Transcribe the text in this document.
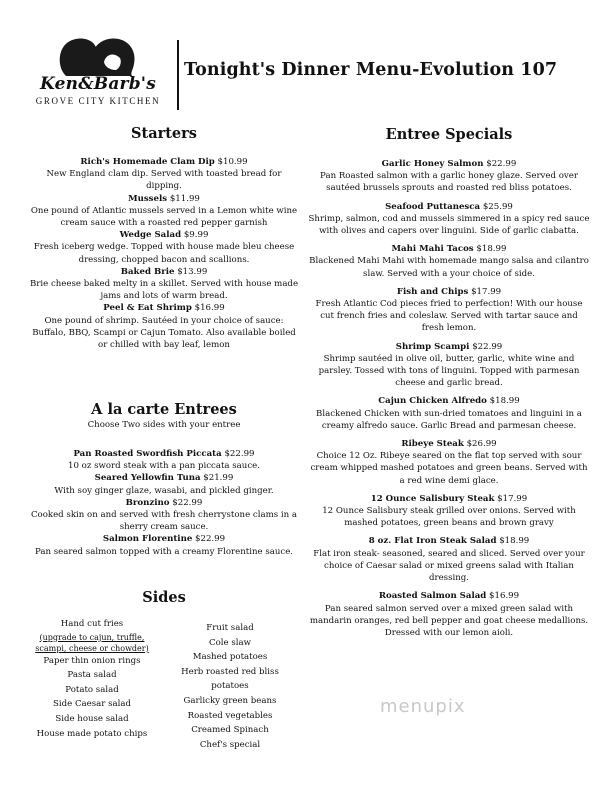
Ken&Barb's
GROVE CITY KITCHEN
Tonight's Dinner Menu-Evolution 107
Starters
Rich's Homemade Clam Dip $10.99
New England clam dip. Served with toasted bread for dipping.
Mussels $11.99
One pound of Atlantic mussels served in a Lemon white wine cream sauce with a roasted red pepper garnish
Wedge Salad $9.99
Fresh iceberg wedge. Topped with house made bleu cheese dressing, chopped bacon and scallions.
Baked Brie $13.99
Brie cheese baked melty in a skillet. Served with house made jams and lots of warm bread.
Peel & Eat Shrimp $16.99
One pound of shrimp. Sautéed in your choice of sauce: Buffalo, BBQ, Scampi or Cajun Tomato. Also available boiled or chilled with bay leaf, lemon
A la carte Entrees
Choose Two sides with your entree
Pan Roasted Swordfish Piccata $22.99
10 oz sword steak with a pan piccata sauce.
Seared Yellowfin Tuna $21.99
With soy ginger glaze, wasabi, and pickled ginger.
Bronzino $22.99
Cooked skin on and served with fresh cherrystone clams in a sherry cream sauce.
Salmon Florentine $22.99
Pan seared salmon topped with a creamy Florentine sauce.
Sides
Hand cut fries
(upgrade to cajun, truffle, scampi, cheese or chowder)
Paper thin onion rings
Pasta salad
Potato salad
Side Caesar salad
Side house salad
House made potato chips
Fruit salad
Cole slaw
Mashed potatoes
Herb roasted red bliss potatoes
Garlicky green beans
Roasted vegetables
Creamed Spinach
Chef's special
Entree Specials
Garlic Honey Salmon $22.99
Pan Roasted salmon with a garlic honey glaze. Served over sautéed brussels sprouts and roasted red bliss potatoes.
Seafood Puttanesca $25.99
Shrimp, salmon, cod and mussels simmered in a spicy red sauce with olives and capers over linguini. Side of garlic ciabatta.
Mahi Mahi Tacos $18.99
Blackened Mahi Mahi with homemade mango salsa and cilantro slaw. Served with a your choice of side.
Fish and Chips $17.99
Fresh Atlantic Cod pieces fried to perfection! With our house cut french fries and coleslaw. Served with tartar sauce and fresh lemon.
Shrimp Scampi $22.99
Shrimp sautéed in olive oil, butter, garlic, white wine and parsley. Tossed with tons of linguini. Topped with parmesan cheese and garlic bread.
Cajun Chicken Alfredo $18.99
Blackened Chicken with sun-dried tomatoes and linguini in a creamy alfredo sauce. Garlic Bread and parmesan cheese.
Ribeye Steak $26.99
Choice 12 Oz. Ribeye seared on the flat top served with sour cream whipped mashed potatoes and green beans. Served with a red wine demi glace.
12 Ounce Salisbury Steak $17.99
12 Ounce Salisbury steak grilled over onions. Served with mashed potatoes, green beans and brown gravy
8 oz. Flat Iron Steak Salad $18.99
Flat iron steak- seasoned, seared and sliced. Served over your choice of Caesar salad or mixed greens salad with Italian dressing.
Roasted Salmon Salad $16.99
Pan seared salmon served over a mixed green salad with mandarin oranges, red bell pepper and goat cheese medallions. Dressed with our lemon aioli.
menupix
